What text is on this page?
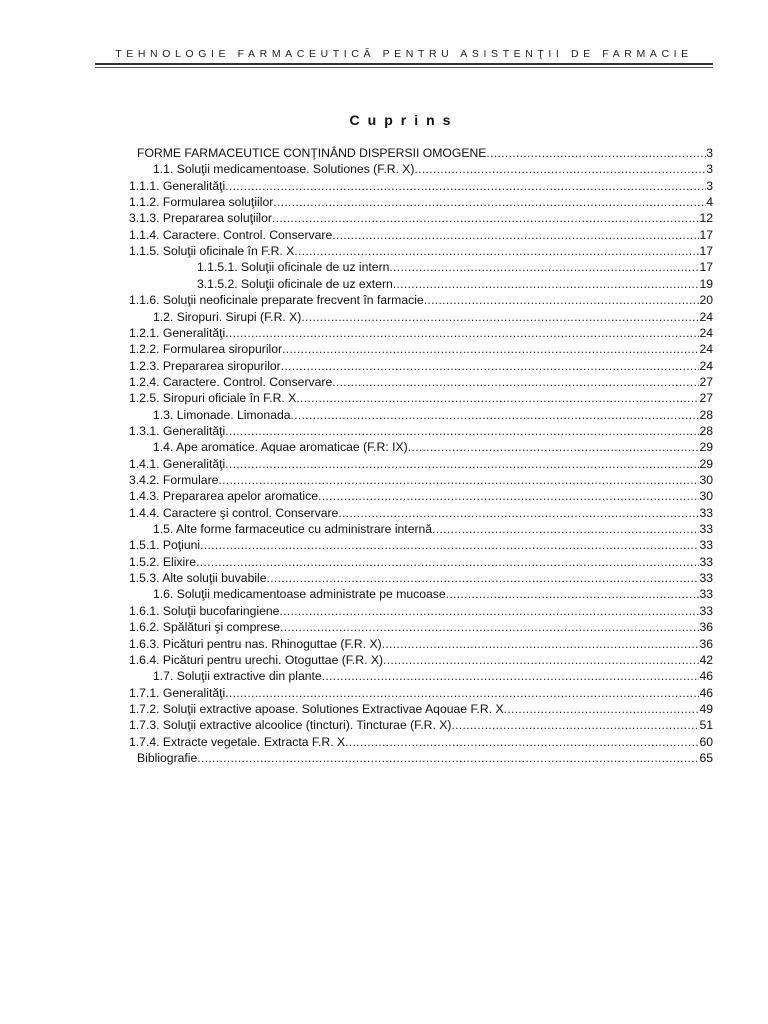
TEHNOLOGIE FARMACEUTICĂ PENTRU ASISTENŢII DE FARMACIE
Cuprins
FORME FARMACEUTICE CONŢINÂND DISPERSII OMOGENE .....	3
1.1. Soluţii medicamentoase. Solutiones (F.R. X) .....	3
1.1.1. Generalităţi .....	3
1.1.2. Formularea soluţiilor .....	4
3.1.3. Prepararea soluţiilor .....	12
1.1.4. Caractere. Control. Conservare .....	17
1.1.5. Soluţii oficinale în F.R. X .....	17
1.1.5.1. Soluţii oficinale de uz intern .....	17
3.1.5.2. Soluţii oficinale de uz extern .....	19
1.1.6. Soluţii neoficinale preparate frecvent în farmacie .....	20
1.2. Siropuri. Sirupi (F.R. X) .....	24
1.2.1. Generalităţi .....	24
1.2.2. Formularea siropurilor .....	24
1.2.3. Prepararea siropurilor .....	24
1.2.4. Caractere. Control. Conservare .....	27
1.2.5. Siropuri oficiale în F.R. X .....	27
1.3. Limonade. Limonada .....	28
1.3.1. Generalităţi .....	28
1.4. Ape aromatice. Aquae aromaticae (F.R: IX) .....	29
1.4.1. Generalităţi .....	29
3.4.2. Formulare .....	30
1.4.3. Prepararea apelor aromatice .....	30
1.4.4. Caractere şi control. Conservare .....	33
1.5. Alte forme farmaceutice cu administrare internă .....	33
1.5.1. Poţiuni .....	33
1.5.2. Elixire .....	33
1.5.3. Alte soluţii buvabile .....	33
1.6. Soluţii medicamentoase administrate pe mucoase .....	33
1.6.1. Soluţii bucofaringiene .....	33
1.6.2. Spălături şi comprese .....	36
1.6.3. Picături pentru nas. Rhinoguttae (F.R. X) .....	36
1.6.4. Picături pentru urechi. Otoguttae (F.R. X) .....	42
1.7. Soluţii extractive din plante .....	46
1.7.1. Generalităţi .....	46
1.7.2. Soluţii extractive apoase. Solutiones Extractivae Aqouae F.R. X .....	49
1.7.3. Soluţii extractive alcoolice (tincturi). Tincturae (F.R. X) .....	51
1.7.4. Extracte vegetale. Extracta F.R. X .....	60
Bibliografie .....	65
